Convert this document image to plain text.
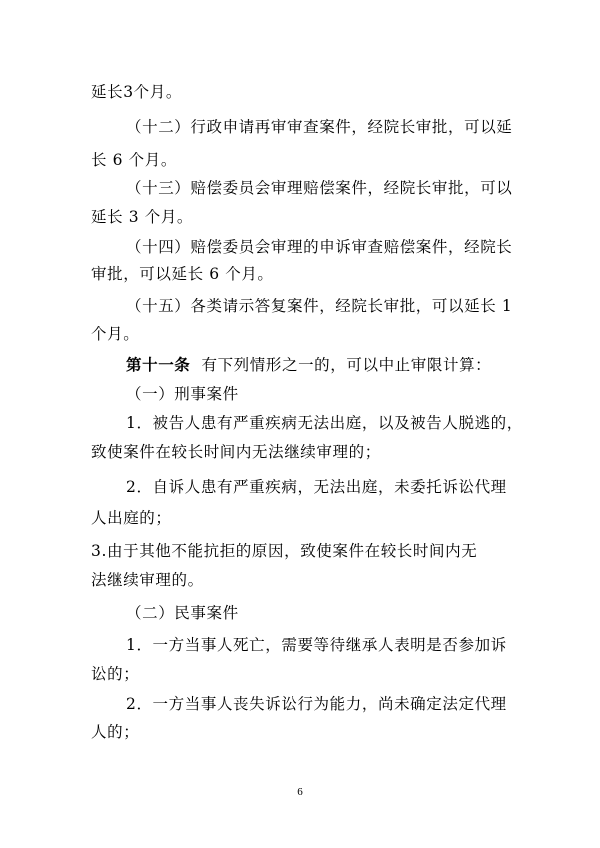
延长3个月。
（十二）行政申请再审审查案件，经院长审批，可以延
长 6 个月。
（十三）赔偿委员会审理赔偿案件，经院长审批，可以
延长 3 个月。
（十四）赔偿委员会审理的申诉审查赔偿案件，经院长
审批，可以延长 6 个月。
（十五）各类请示答复案件，经院长审批，可以延长 1
个月。
第十一条 有下列情形之一的，可以中止审限计算：
（一）刑事案件
1．被告人患有严重疾病无法出庭，以及被告人脱逃的，
致使案件在较长时间内无法继续审理的；
2．自诉人患有严重疾病，无法出庭，未委托诉讼代理
人出庭的；
3.由于其他不能抗拒的原因，致使案件在较长时间内无
法继续审理的。
（二）民事案件
1．一方当事人死亡，需要等待继承人表明是否参加诉
讼的；
2．一方当事人丧失诉讼行为能力，尚未确定法定代理
人的；
6
